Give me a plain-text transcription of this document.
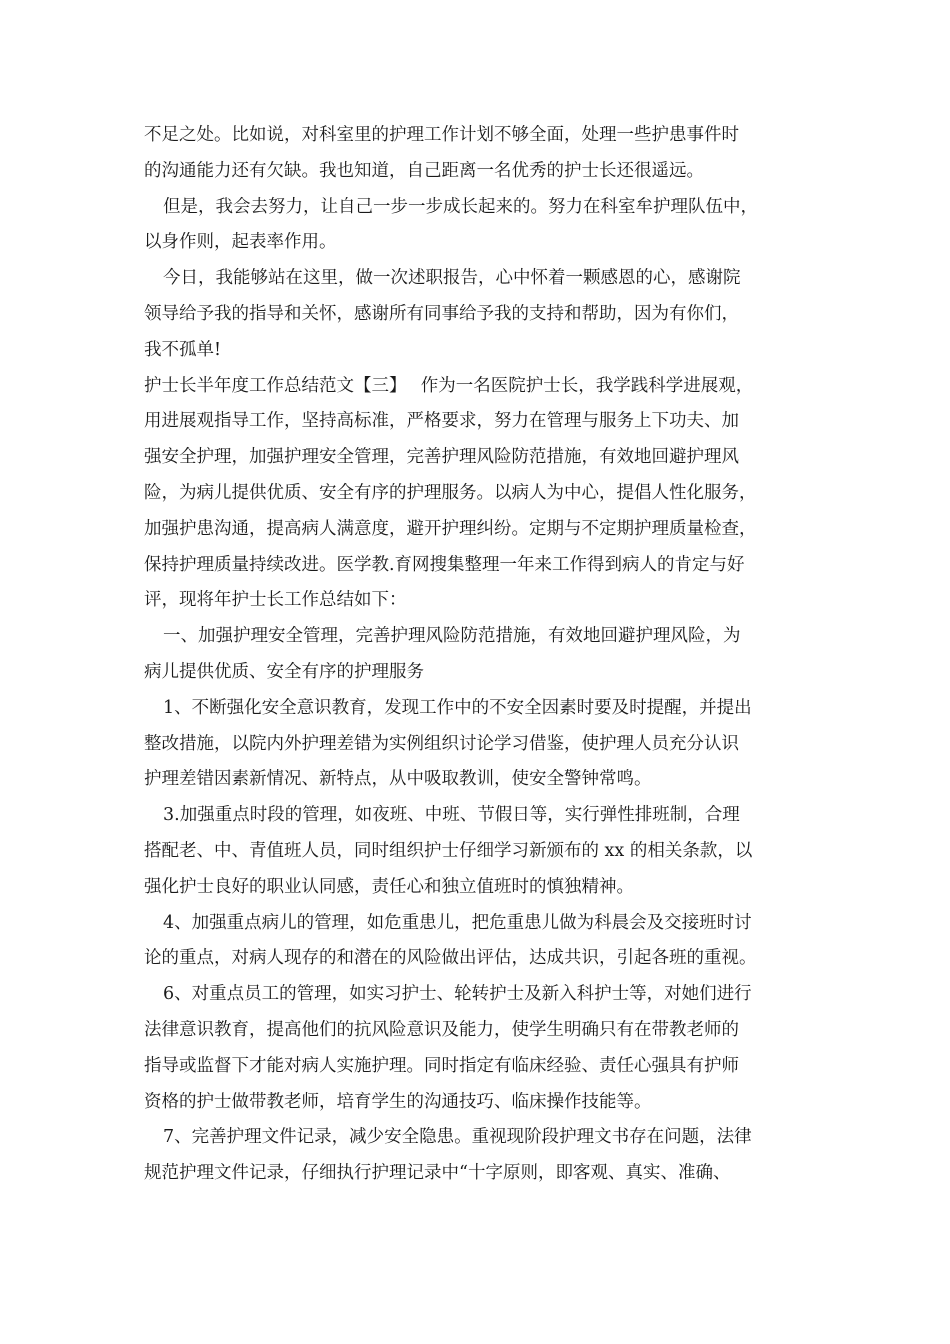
不足之处。比如说，对科室里的护理工作计划不够全面，处理一些护患事件时
的沟通能力还有欠缺。我也知道，自己距离一名优秀的护士长还很遥远。
但是，我会去努力，让自己一步一步成长起来的。努力在科室牟护理队伍中，
以身作则，起表率作用。
今日，我能够站在这里，做一次述职报告，心中怀着一颗感恩的心，感谢院
领导给予我的指导和关怀，感谢所有同事给予我的支持和帮助，因为有你们，
我不孤单!
护士长半年度工作总结范文【三】　 作为一名医院护士长，我学践科学进展观，
用进展观指导工作，坚持高标准，严格要求，努力在管理与服务上下功夫、加
强安全护理，加强护理安全管理，完善护理风险防范措施，有效地回避护理风
险，为病儿提供优质、安全有序的护理服务。以病人为中心，提倡人性化服务，
加强护患沟通，提高病人满意度，避开护理纠纷。定期与不定期护理质量检查，
保持护理质量持续改进。医学教.育网搜集整理一年来工作得到病人的肯定与好
评，现将年护士长工作总结如下：
一、加强护理安全管理，完善护理风险防范措施，有效地回避护理风险，为
病儿提供优质、安全有序的护理服务
1、不断强化安全意识教育，发现工作中的不安全因素时要及时提醒，并提出
整改措施，以院内外护理差错为实例组织讨论学习借鉴，使护理人员充分认识
护理差错因素新情况、新特点，从中吸取教训，使安全警钟常鸣。
3.加强重点时段的管理，如夜班、中班、节假日等，实行弹性排班制，合理
搭配老、中、青值班人员，同时组织护士仔细学习新颁布的 xx 的相关条款，以
强化护士良好的职业认同感，责任心和独立值班时的慎独精神。
4、加强重点病儿的管理，如危重患儿，把危重患儿做为科晨会及交接班时讨
论的重点，对病人现存的和潜在的风险做出评估，达成共识，引起各班的重视。
6、对重点员工的管理，如实习护士、轮转护士及新入科护士等，对她们进行
法律意识教育，提高他们的抗风险意识及能力，使学生明确只有在带教老师的
指导或监督下才能对病人实施护理。同时指定有临床经验、责任心强具有护师
资格的护士做带教老师，培育学生的沟通技巧、临床操作技能等。
7、完善护理文件记录，减少安全隐患。重视现阶段护理文书存在问题，法律
规范护理文件记录，仔细执行护理记录中“十字原则，即客观、真实、准确、
